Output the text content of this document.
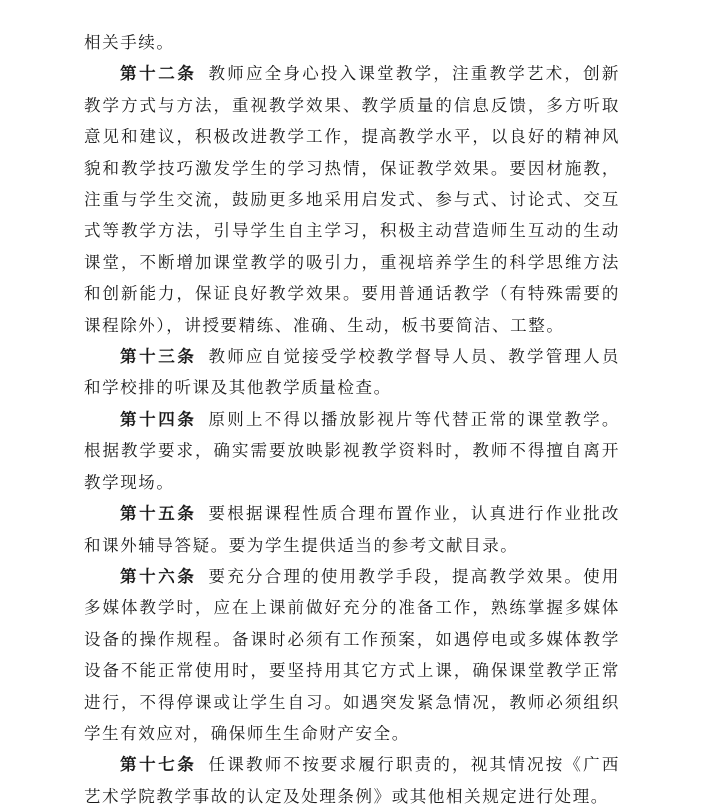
相关手续。

第十二条 教师应全身心投入课堂教学，注重教学艺术，创新教学方式与方法，重视教学效果、教学质量的信息反馈，多方听取意见和建议，积极改进教学工作，提高教学水平，以良好的精神风貌和教学技巧激发学生的学习热情，保证教学效果。要因材施教，注重与学生交流，鼓励更多地采用启发式、参与式、讨论式、交互式等教学方法，引导学生自主学习，积极主动营造师生互动的生动课堂，不断增加课堂教学的吸引力，重视培养学生的科学思维方法和创新能力，保证良好教学效果。要用普通话教学（有特殊需要的课程除外），讲授要精练、准确、生动，板书要简洁、工整。

第十三条 教师应自觉接受学校教学督导人员、教学管理人员和学校排的听课及其他教学质量检查。

第十四条 原则上不得以播放影视片等代替正常的课堂教学。根据教学要求，确实需要放映影视教学资料时，教师不得擅自离开教学现场。

第十五条 要根据课程性质合理布置作业，认真进行作业批改和课外辅导答疑。要为学生提供适当的参考文献目录。

第十六条 要充分合理的使用教学手段，提高教学效果。使用多媒体教学时，应在上课前做好充分的准备工作，熟练掌握多媒体设备的操作规程。备课时必须有工作预案，如遇停电或多媒体教学设备不能正常使用时，要坚持用其它方式上课，确保课堂教学正常进行，不得停课或让学生自习。如遇突发紧急情况，教师必须组织学生有效应对，确保师生生命财产安全。

第十七条 任课教师不按要求履行职责的，视其情况按《广西艺术学院教学事故的认定及处理条例》或其他相关规定进行处理。
